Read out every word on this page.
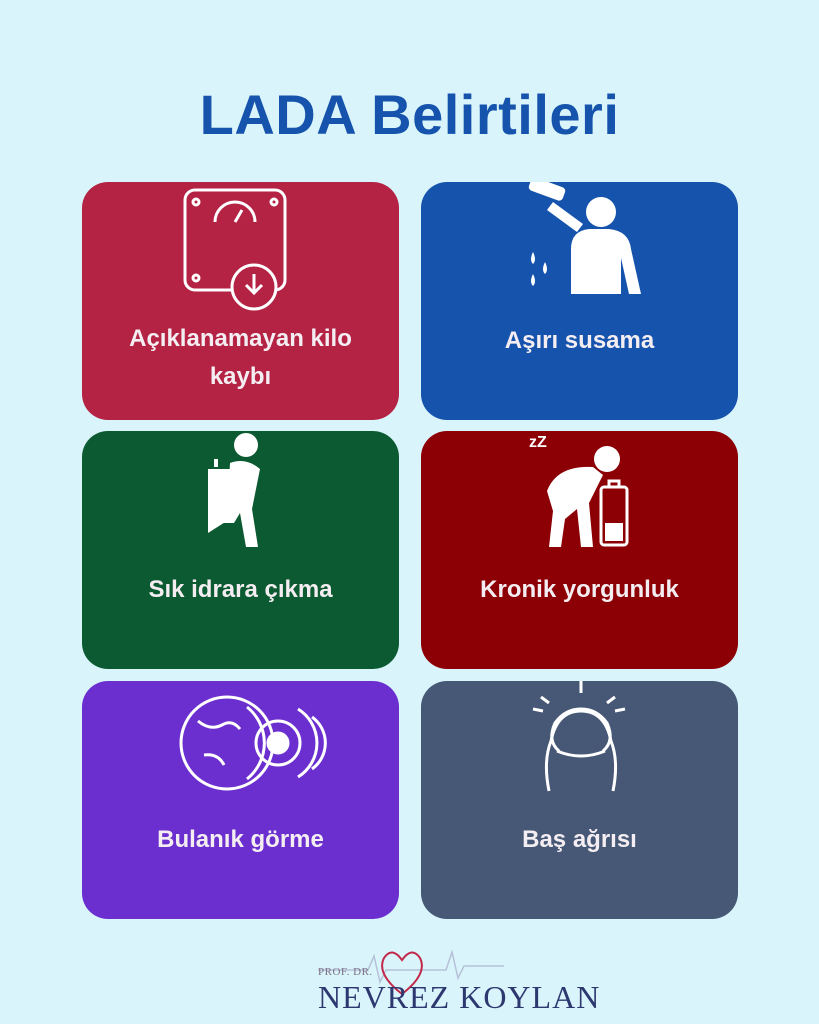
LADA Belirtileri
Açıklanamayan kilo kaybı
Aşırı susama
Sık idrara çıkma
zZ
Kronik yorgunluk
Bulanık görme	Baş ağrısı
PROF. DR.
NEVREZ KOYLAN
